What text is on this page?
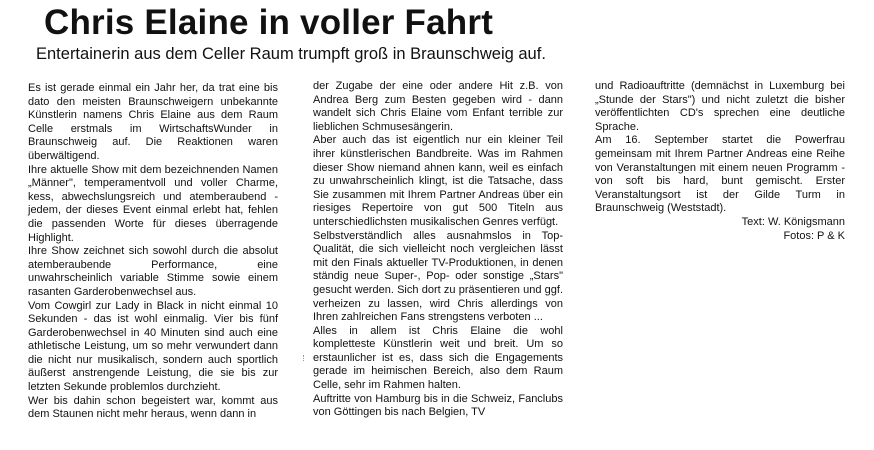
Chris Elaine in voller Fahrt

Entertainerin aus dem Celler Raum trumpft groß in Braunschweig auf.

Es ist gerade einmal ein Jahr her, da trat eine bis dato den meisten Braunschweigern unbekannte Künstlerin namens Chris Elaine aus dem Raum Celle erstmals im WirtschaftsWunder in Braunschweig auf. Die Reaktionen waren überwältigend.

Ihre aktuelle Show mit dem bezeichnenden Namen „Männer", temperamentvoll und voller Charme, kess, abwechslungsreich und atemberaubend - jedem, der dieses Event einmal erlebt hat, fehlen die passenden Worte für dieses überragende Highlight.

Ihre Show zeichnet sich sowohl durch die absolut atemberaubende Performance, eine unwahrscheinlich variable Stimme sowie einem rasanten Garderobenwechsel aus.

Vom Cowgirl zur Lady in Black in nicht einmal 10 Sekunden - das ist wohl einmalig. Vier bis fünf Garderobenwechsel in 40 Minuten sind auch eine athletische Leistung, um so mehr verwundert dann die nicht nur musikalisch, sondern auch sportlich äußerst anstrengende Leistung, die sie bis zur letzten Sekunde problemlos durchzieht.

Wer bis dahin schon begeistert war, kommt aus dem Staunen nicht mehr heraus, wenn dann in

der Zugabe der eine oder andere Hit z.B. von Andrea Berg zum Besten gegeben wird - dann wandelt sich Chris Elaine vom Enfant terrible zur lieblichen Schmusesängerin.

Aber auch das ist eigentlich nur ein kleiner Teil ihrer künstlerischen Bandbreite. Was im Rahmen dieser Show niemand ahnen kann, weil es einfach zu unwahrscheinlich klingt, ist die Tatsache, dass Sie zusammen mit Ihrem Partner Andreas über ein riesiges Repertoire von gut 500 Titeln aus unterschiedlichsten musikalischen Genres verfügt.

Selbstverständlich alles ausnahmslos in Top-Qualität, die sich vielleicht noch vergleichen lässt mit den Finals aktueller TV-Produktionen, in denen ständig neue Super-, Pop- oder sonstige „Stars" gesucht werden. Sich dort zu präsentieren und ggf. verheizen zu lassen, wird Chris allerdings von Ihren zahlreichen Fans strengstens verboten ...

Alles in allem ist Chris Elaine die wohl kompletteste Künstlerin weit und breit. Um so erstaunlicher ist es, dass sich die Engagements gerade im heimischen Bereich, also dem Raum Celle, sehr im Rahmen halten.

Auftritte von Hamburg bis in die Schweiz, Fanclubs von Göttingen bis nach Belgien, TV

und Radioauftritte (demnächst in Luxemburg bei „Stunde der Stars") und nicht zuletzt die bisher veröffentlichten CD's sprechen eine deutliche Sprache.

Am 16. September startet die Powerfrau gemeinsam mit Ihrem Partner Andreas eine Reihe von Veranstaltungen mit einem neuen Programm - von soft bis hard, bunt gemischt. Erster Veranstaltungsort ist der Gilde Turm in Braunschweig (Weststadt).

Text: W. Königsmann

Fotos: P & K
